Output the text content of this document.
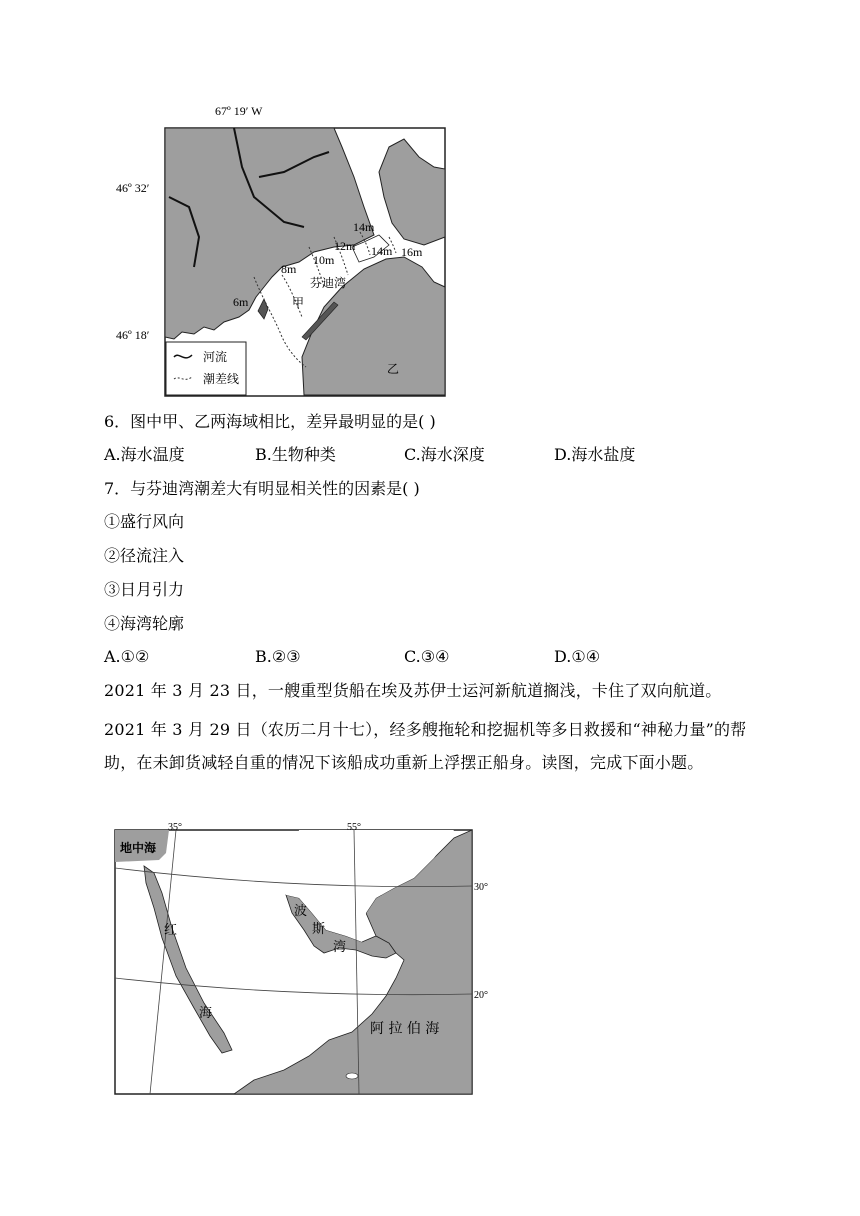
67º 19′ W
46º 32′
46º 18′
14m
12m
10m
8m
6m
14m 16m
芬迪湾
甲
乙
河流
潮差线
6．图中甲、乙两海域相比，差异最明显的是( )
A.海水温度	B.生物种类	C.海水深度	D.海水盐度
7．与芬迪湾潮差大有明显相关性的因素是( )
①盛行风向
②径流注入
③日月引力
④海湾轮廓
A.①②	B.②③	C.③④	D.①④
2021 年 3 月 23 日，一艘重型货船在埃及苏伊士运河新航道搁浅，卡住了双向航道。
2021 年 3 月 29 日（农历二月十七），经多艘拖轮和挖掘机等多日救援和“神秘力量”的帮助，在未卸货减轻自重的情况下该船成功重新上浮摆正船身。读图，完成下面小题。
35°	55°
30°
20°
地中海
红
海
波
斯
湾
阿 拉 伯 海
